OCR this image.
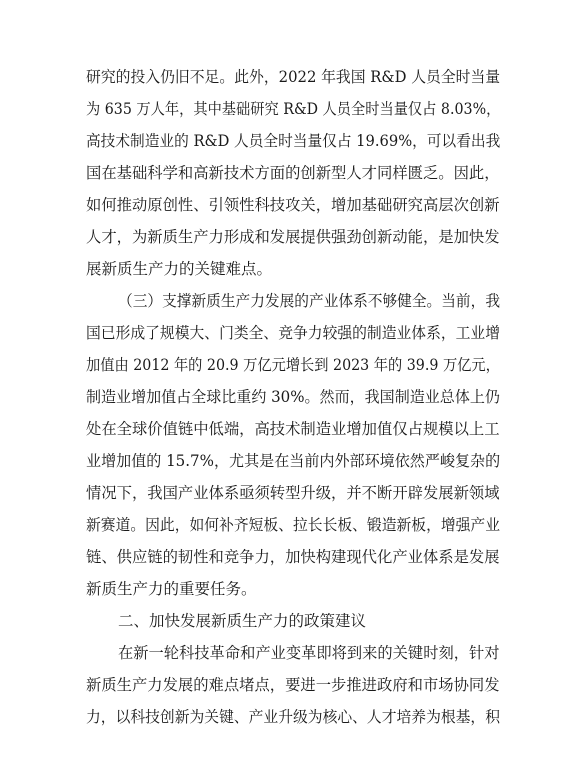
研究的投入仍旧不足。此外，2022 年我国 R&D 人员全时当量
为 635 万人年，其中基础研究 R&D 人员全时当量仅占 8.03%，
高技术制造业的 R&D 人员全时当量仅占 19.69%，可以看出我
国在基础科学和高新技术方面的创新型人才同样匮乏。因此，
如何推动原创性、引领性科技攻关，增加基础研究高层次创新
人才，为新质生产力形成和发展提供强劲创新动能，是加快发
展新质生产力的关键难点。
（三）支撑新质生产力发展的产业体系不够健全。当前，我
国已形成了规模大、门类全、竞争力较强的制造业体系，工业增
加值由 2012 年的 20.9 万亿元增长到 2023 年的 39.9 万亿元，
制造业增加值占全球比重约 30%。然而，我国制造业总体上仍
处在全球价值链中低端，高技术制造业增加值仅占规模以上工
业增加值的 15.7%，尤其是在当前内外部环境依然严峻复杂的
情况下，我国产业体系亟须转型升级，并不断开辟发展新领域
新赛道。因此，如何补齐短板、拉长长板、锻造新板，增强产业
链、供应链的韧性和竞争力，加快构建现代化产业体系是发展
新质生产力的重要任务。
二、加快发展新质生产力的政策建议
在新一轮科技革命和产业变革即将到来的关键时刻，针对
新质生产力发展的难点堵点，要进一步推进政府和市场协同发
力，以科技创新为关键、产业升级为核心、人才培养为根基，积
